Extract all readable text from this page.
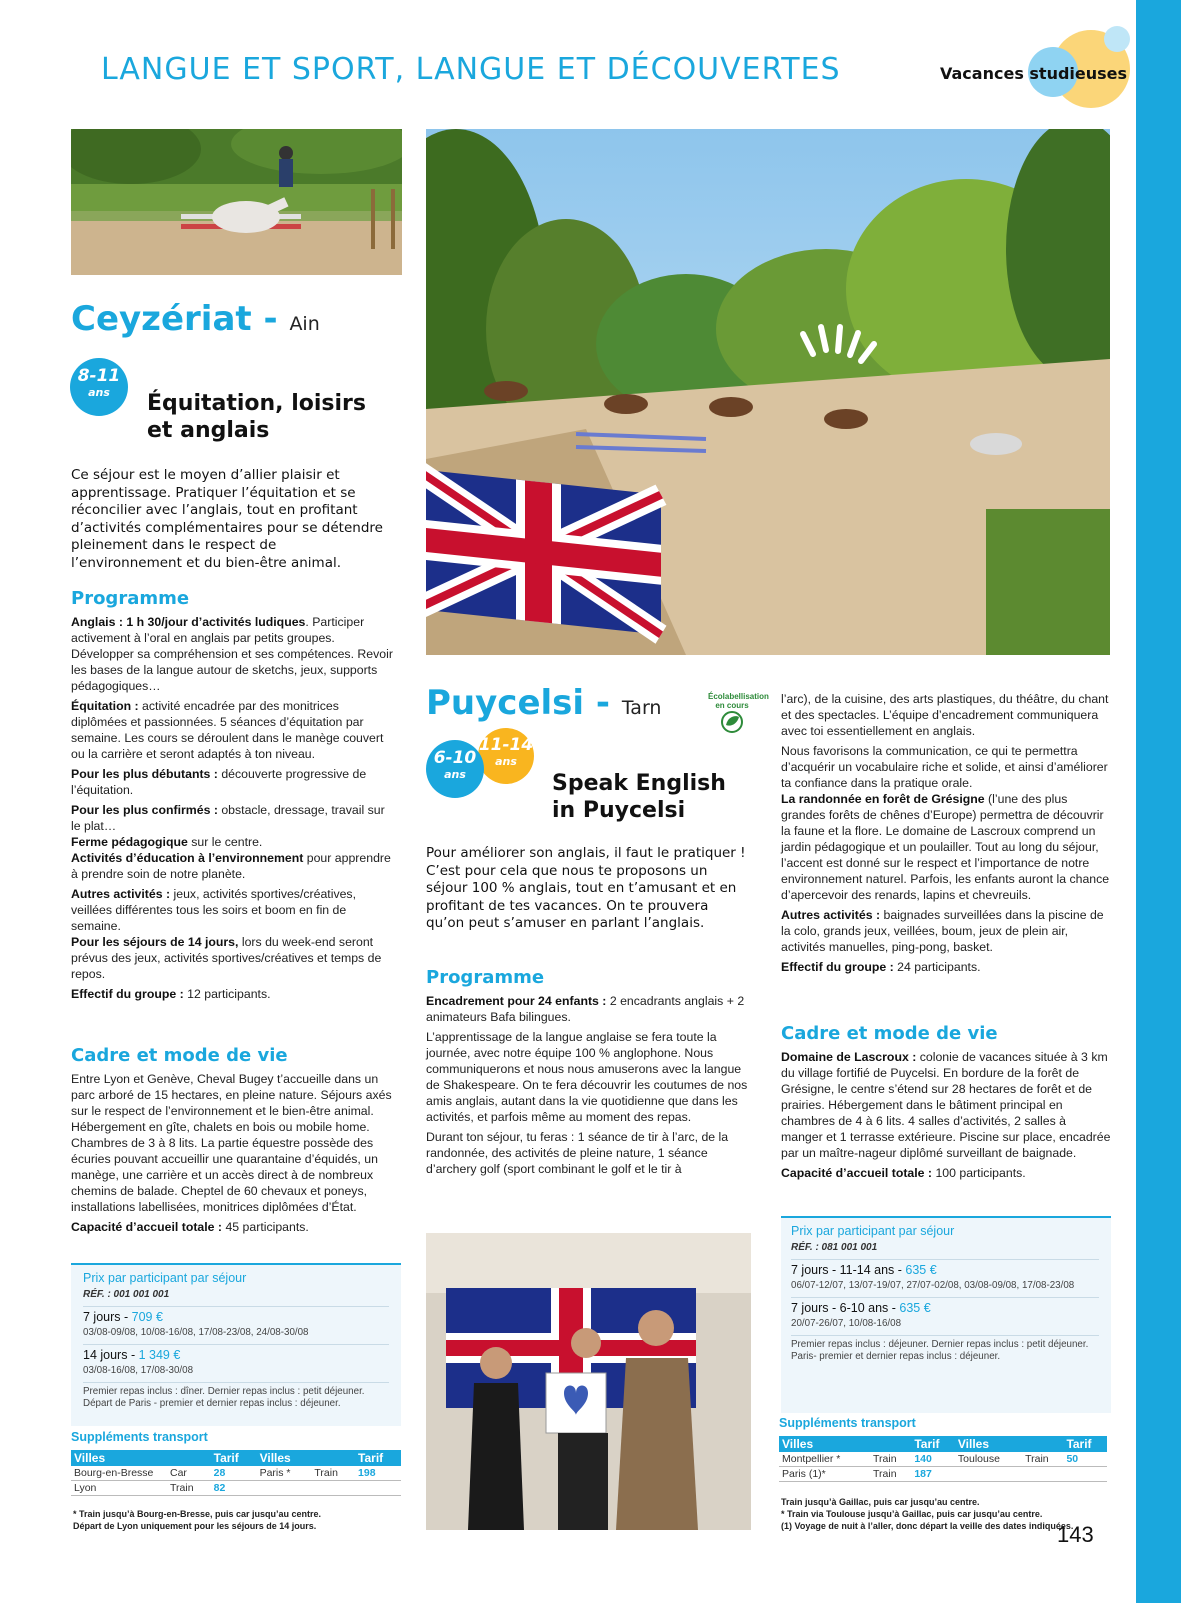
LANGUE ET SPORT, LANGUE ET DÉCOUVERTES	Vacances studieuses
Ceyzériat - Ain
8-11
ans	Équitation, loisirs
et anglais
Ce séjour est le moyen d’allier plaisir et apprentissage. Pratiquer l’équitation et se réconcilier avec l’anglais, tout en profitant d’activités complémentaires pour se détendre pleinement dans le respect de l’environnement et du bien-être animal.
Programme

Anglais : 1 h 30/jour d’activités ludiques. Participer activement à l’oral en anglais par petits groupes. Développer sa compréhension et ses compétences. Revoir les bases de la langue autour de sketchs, jeux, supports pédagogiques…

Équitation : activité encadrée par des monitrices diplômées et passionnées. 5 séances d’équitation par semaine. Les cours se déroulent dans le manège couvert ou la carrière et seront adaptés à ton niveau.

Pour les plus débutants : découverte progressive de l’équitation.

Pour les plus confirmés : obstacle, dressage, travail sur le plat…

Ferme pédagogique sur le centre.

Activités d’éducation à l’environnement pour apprendre à prendre soin de notre planète.

Autres activités : jeux, activités sportives/créatives, veillées différentes tous les soirs et boom en fin de semaine.

Pour les séjours de 14 jours, lors du week-end seront prévus des jeux, activités sportives/créatives et temps de repos.

Effectif du groupe : 12 participants.

Cadre et mode de vie

Entre Lyon et Genève, Cheval Bugey t’accueille dans un parc arboré de 15 hectares, en pleine nature. Séjours axés sur le respect de l’environnement et le bien-être animal. Hébergement en gîte, chalets en bois ou mobile home. Chambres de 3 à 8 lits. La partie équestre possède des écuries pouvant accueillir une quarantaine d’équidés, un manège, une carrière et un accès direct à de nombreux chemins de balade. Cheptel de 60 chevaux et poneys, installations labellisées, monitrices diplômées d’État.

Capacité d’accueil totale : 45 participants.

Prix par participant par séjour
RÉF. : 001 001 001
7 jours - 709 €
03/08-09/08, 10/08-16/08, 17/08-23/08, 24/08-30/08
14 jours - 1 349 €
03/08-16/08, 17/08-30/08
Premier repas inclus : dîner. Dernier repas inclus : petit déjeuner. Départ de Paris - premier et dernier repas inclus : déjeuner.
Suppléments transport
Villes		Tarif	Villes		Tarif
Bourg-en-Bresse	Car	28	Paris *	Train	198
Lyon	Train	82			
* Train jusqu’à Bourg-en-Bresse, puis car jusqu’au centre.
Départ de Lyon uniquement pour les séjours de 14 jours.
Puycelsi - Tarn
Écolabellisation en cours
11-14
ans
6-10
ans	Speak English
in Puycelsi
Pour améliorer son anglais, il faut le pratiquer ! C’est pour cela que nous te proposons un séjour 100 % anglais, tout en t’amusant et en profitant de tes vacances. On te prouvera qu’on peut s’amuser en parlant l’anglais.
Programme

Encadrement pour 24 enfants : 2 encadrants anglais + 2 animateurs Bafa bilingues.

L’apprentissage de la langue anglaise se fera toute la journée, avec notre équipe 100 % anglophone. Nous communiquerons et nous nous amuserons avec la langue de Shakespeare. On te fera découvrir les coutumes de nos amis anglais, autant dans la vie quotidienne que dans les activités, et parfois même au moment des repas.

Durant ton séjour, tu feras : 1 séance de tir à l’arc, de la randonnée, des activités de pleine nature, 1 séance d’archery golf (sport combinant le golf et le tir à

l’arc), de la cuisine, des arts plastiques, du théâtre, du chant et des spectacles. L’équipe d’encadrement communiquera avec toi essentiellement en anglais.

Nous favorisons la communication, ce qui te permettra d’acquérir un vocabulaire riche et solide, et ainsi d’améliorer ta confiance dans la pratique orale.

La randonnée en forêt de Grésigne (l’une des plus grandes forêts de chênes d’Europe) permettra de découvrir la faune et la flore. Le domaine de Lascroux comprend un jardin pédagogique et un poulailler. Tout au long du séjour, l’accent est donné sur le respect et l’importance de notre environnement naturel. Parfois, les enfants auront la chance d’apercevoir des renards, lapins et chevreuils.

Autres activités : baignades surveillées dans la piscine de la colo, grands jeux, veillées, boum, jeux de plein air, activités manuelles, ping-pong, basket.

Effectif du groupe : 24 participants.

Cadre et mode de vie

Domaine de Lascroux : colonie de vacances située à 3 km du village fortifié de Puycelsi. En bordure de la forêt de Grésigne, le centre s’étend sur 28 hectares de forêt et de prairies. Hébergement dans le bâtiment principal en chambres de 4 à 6 lits. 4 salles d’activités, 2 salles à manger et 1 terrasse extérieure. Piscine sur place, encadrée par un maître-nageur diplômé surveillant de baignade.

Capacité d’accueil totale : 100 participants.

Prix par participant par séjour
RÉF. : 081 001 001
7 jours - 11-14 ans - 635 €
06/07-12/07, 13/07-19/07, 27/07-02/08, 03/08-09/08, 17/08-23/08
7 jours - 6-10 ans - 635 €
20/07-26/07, 10/08-16/08
Premier repas inclus : déjeuner. Dernier repas inclus : petit déjeuner.
Paris- premier et dernier repas inclus : déjeuner.
Suppléments transport
Villes		Tarif	Villes		Tarif
Montpellier *	Train	140	Toulouse	Train	50
Paris (1)*	Train	187			
Train jusqu’à Gaillac, puis car jusqu’au centre.
* Train via Toulouse jusqu’à Gaillac, puis car jusqu’au centre.
(1) Voyage de nuit à l’aller, donc départ la veille des dates indiquées.
143
